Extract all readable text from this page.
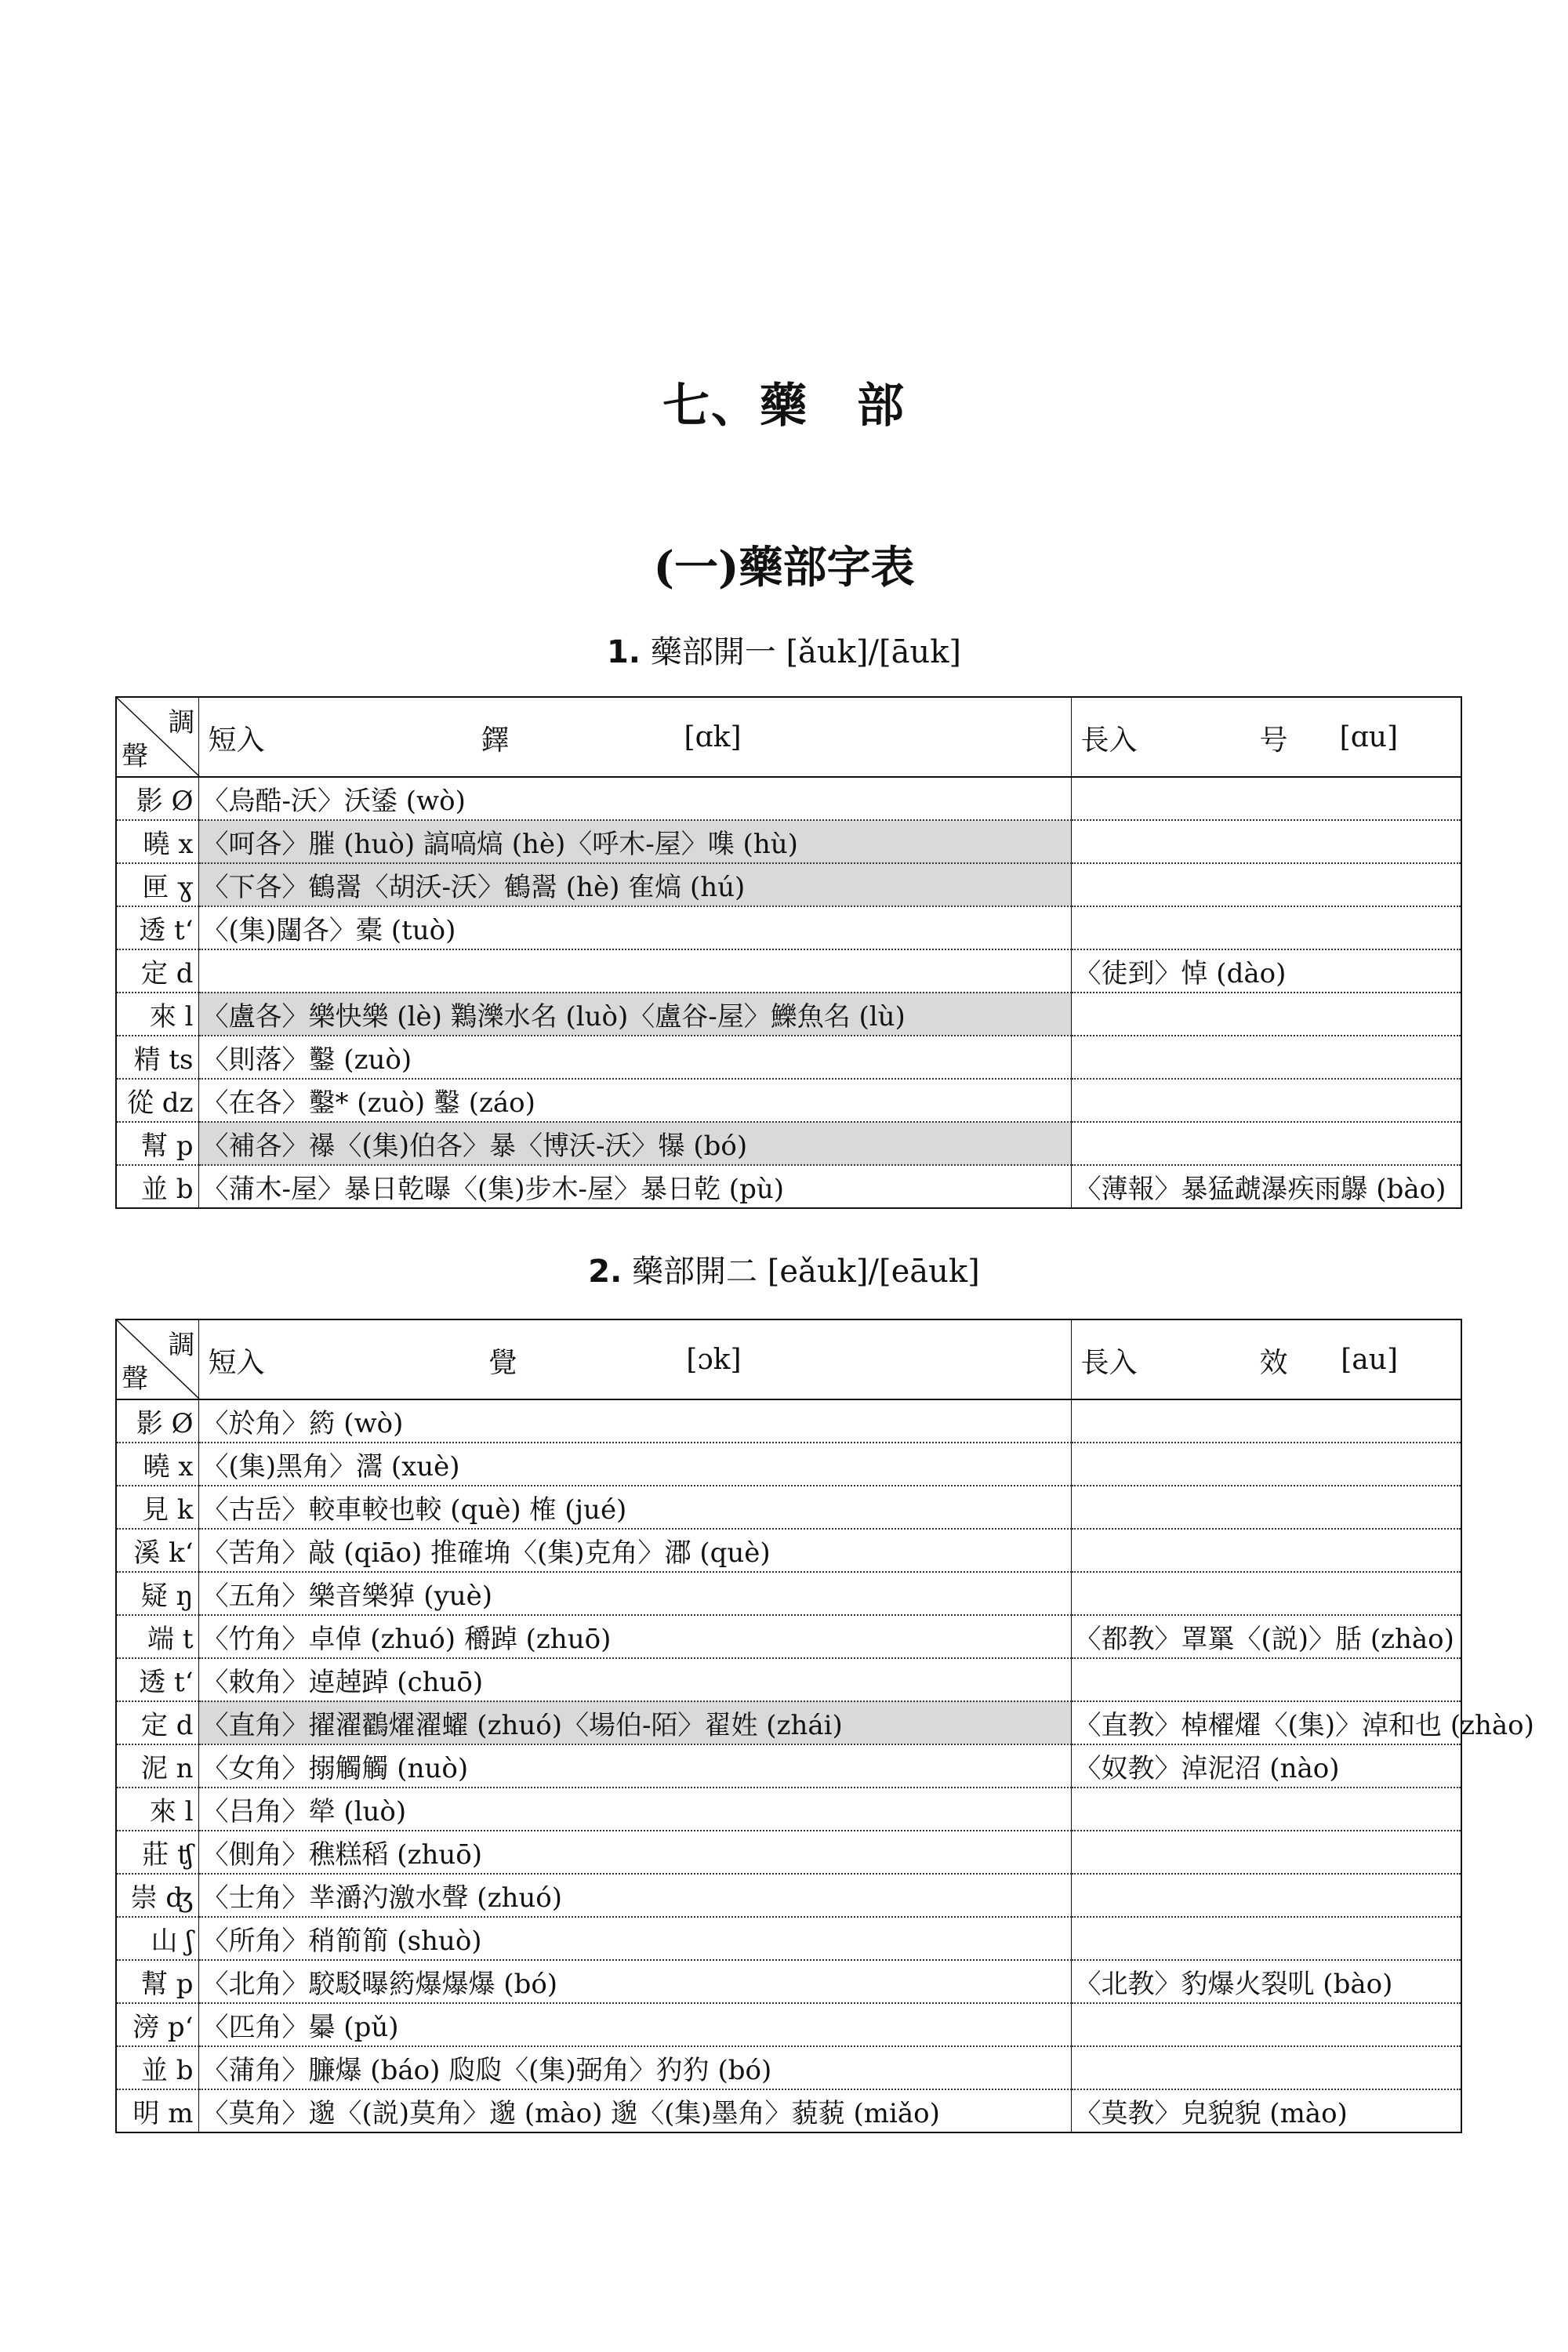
七、藥　部
(一)藥部字表
1. 藥部開一 [ǎuk]/[āuk]
調
聲	短入 鐸 [ɑk]	長入 号 [ɑu]

影 Ø	〈烏酷-沃〉沃鋈 (wò)	
曉 x	〈呵各〉膗 (huò) 謞嗃熇 (hè)〈呼木-屋〉㗱 (hù)	
匣 ɣ	〈下各〉鶴翯〈胡沃-沃〉鶴翯 (hè) 隺熇 (hú)	
透 tʻ	〈(集)闥各〉橐 (tuò)	
定 d		〈徒到〉悼 (dào)
來 l	〈盧各〉樂快樂 (lè) 鸈濼水名 (luò)〈盧谷-屋〉鱳魚名 (lù)	
精 ts	〈則落〉鑿 (zuò)	
從 dz	〈在各〉鑿* (zuò) 鑿 (záo)	
幫 p	〈補各〉襮〈(集)伯各〉暴〈博沃-沃〉犦 (bó)	
並 b	〈蒲木-屋〉暴日乾曝〈(集)步木-屋〉暴日乾 (pù)	〈薄報〉暴猛虣瀑疾雨鸔 (bào)
2. 藥部開二 [eǎuk]/[eāuk]
調
聲	短入 覺 [ɔk]	長入 效 [au]

影 Ø	〈於角〉箹 (wò)	
曉 x	〈(集)黑角〉瀥 (xuè)	
見 k	〈古岳〉較車較也較 (què) 榷 (jué)	
溪 kʻ	〈苦角〉敲 (qiāo) 推確埆〈(集)克角〉㴫 (què)	
疑 ŋ	〈五角〉樂音樂㹿 (yuè)	
端 t	〈竹角〉卓倬 (zhuó) 穱踔 (zhuō)	〈都教〉罩罺〈(説)〉䏦 (zhào)
透 tʻ	〈敕角〉逴趠踔 (chuō)	
定 d	〈直角〉擢濯鸐燿濯蠗 (zhuó)〈場伯-陌〉翟姓 (zhái)	〈直教〉棹櫂燿〈(集)〉淖和也 (zhào)
泥 n	〈女角〉搦觸觸 (nuò)	〈奴教〉淖泥沼 (nào)
來 l	〈吕角〉犖 (luò)	
莊 ʧ	〈側角〉穛糕稻 (zhuō)	
崇 ʤ	〈士角〉丵灂汋激水聲 (zhuó)	
山 ʃ	〈所角〉稍箾箾 (shuò)	
幫 p	〈北角〉駮駁曝箹爆爆爆 (bó)	〈北教〉豹爆火裂䶷 (bào)
滂 pʻ	〈匹角〉㬥 (pǔ)	
並 b	〈蒲角〉臁爆 (báo) 瓝瓝〈(集)弼角〉犳犳 (bó)	
明 m	〈莫角〉邈〈(説)莫角〉邈 (mào) 邈〈(集)墨角〉藐藐 (miǎo)	〈莫教〉皃貌貌 (mào)
